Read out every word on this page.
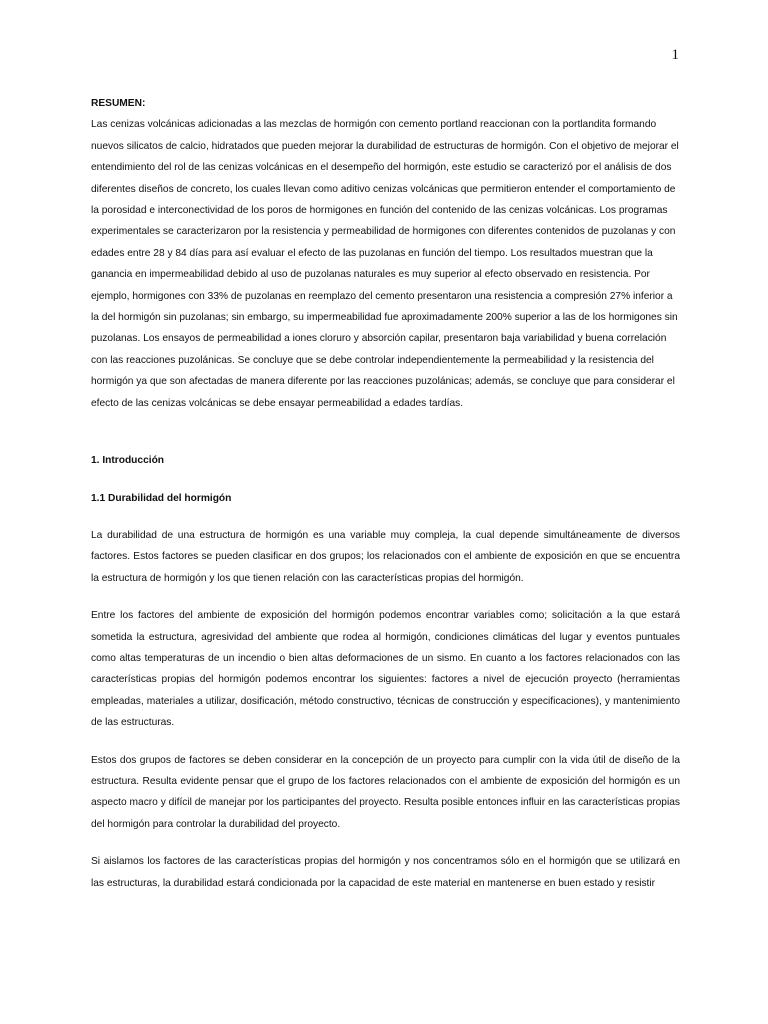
1

RESUMEN:

Las cenizas volcánicas adicionadas a las mezclas de hormigón con cemento portland reaccionan con la portlandita formando nuevos silicatos de calcio, hidratados que pueden mejorar la durabilidad de estructuras de hormigón. Con el objetivo de mejorar el entendimiento del rol de las cenizas volcánicas en el desempeño del hormigón, este estudio se caracterizó por el análisis de dos diferentes diseños de concreto, los cuales llevan como aditivo cenizas volcánicas que permitieron entender el comportamiento de la porosidad e interconectividad de los poros de hormigones en función del contenido de las cenizas volcánicas. Los programas experimentales se caracterizaron por la resistencia y permeabilidad de hormigones con diferentes contenidos de puzolanas y con edades entre 28 y 84 días para así evaluar el efecto de las puzolanas en función del tiempo. Los resultados muestran que la ganancia en impermeabilidad debido al uso de puzolanas naturales es muy superior al efecto observado en resistencia. Por ejemplo, hormigones con 33% de puzolanas en reemplazo del cemento presentaron una resistencia a compresión 27% inferior a la del hormigón sin puzolanas; sin embargo, su impermeabilidad fue aproximadamente 200% superior a las de los hormigones sin puzolanas. Los ensayos de permeabilidad a iones cloruro y absorción capilar, presentaron baja variabilidad y buena correlación con las reacciones puzolánicas. Se concluye que se debe controlar independientemente la permeabilidad y la resistencia del hormigón ya que son afectadas de manera diferente por las reacciones puzolánicas; además, se concluye que para considerar el efecto de las cenizas volcánicas se debe ensayar permeabilidad a edades tardías.

1. Introducción

1.1 Durabilidad del hormigón

La durabilidad de una estructura de hormigón es una variable muy compleja, la cual depende simultáneamente de diversos factores. Estos factores se pueden clasificar en dos grupos; los relacionados con el ambiente de exposición en que se encuentra la estructura de hormigón y los que tienen relación con las características propias del hormigón.

Entre los factores del ambiente de exposición del hormigón podemos encontrar variables como; solicitación a la que estará sometida la estructura, agresividad del ambiente que rodea al hormigón, condiciones climáticas del lugar y eventos puntuales como altas temperaturas de un incendio o bien altas deformaciones de un sismo. En cuanto a los factores relacionados con las características propias del hormigón podemos encontrar los siguientes: factores a nivel de ejecución proyecto (herramientas empleadas, materiales a utilizar, dosificación, método constructivo, técnicas de construcción y especificaciones), y mantenimiento de las estructuras.

Estos dos grupos de factores se deben considerar en la concepción de un proyecto para cumplir con la vida útil de diseño de la estructura. Resulta evidente pensar que el grupo de los factores relacionados con el ambiente de exposición del hormigón es un aspecto macro y difícil de manejar por los participantes del proyecto. Resulta posible entonces influir en las características propias del hormigón para controlar la durabilidad del proyecto.

Si aislamos los factores de las características propias del hormigón y nos concentramos sólo en el hormigón que se utilizará en las estructuras, la durabilidad estará condicionada por la capacidad de este material en mantenerse en buen estado y resistir
